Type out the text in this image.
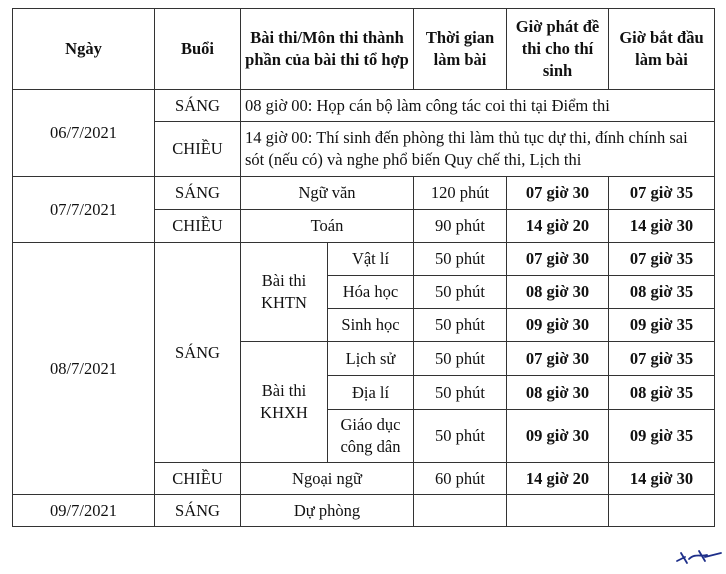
Ngày	Buổi	Bài thi/Môn thi thành phần của bài thi tổ hợp		Thời gian làm bài	Giờ phát đề thi cho thí sinh	Giờ bắt đầu làm bài
06/7/2021	SÁNG	08 giờ 00: Họp cán bộ làm công tác coi thi tại Điểm thi				
	CHIỀU	14 giờ 00: Thí sinh đến phòng thi làm thủ tục dự thi, đính chính sai sót (nếu có) và nghe phổ biến Quy chế thi, Lịch thi				
07/7/2021	SÁNG	Ngữ văn		120 phút	07 giờ 30	07 giờ 35
	CHIỀU	Toán		90 phút	14 giờ 20	14 giờ 30
08/7/2021	SÁNG	Bài thi KHTN	Vật lí	50 phút	07 giờ 30	07 giờ 35
			Hóa học	50 phút	08 giờ 30	08 giờ 35
			Sinh học	50 phút	09 giờ 30	09 giờ 35
		Bài thi KHXH	Lịch sử	50 phút	07 giờ 30	07 giờ 35
			Địa lí	50 phút	08 giờ 30	08 giờ 35
			Giáo dục công dân	50 phút	09 giờ 30	09 giờ 35
	CHIỀU	Ngoại ngữ		60 phút	14 giờ 20	14 giờ 30
09/7/2021	SÁNG	Dự phòng				
